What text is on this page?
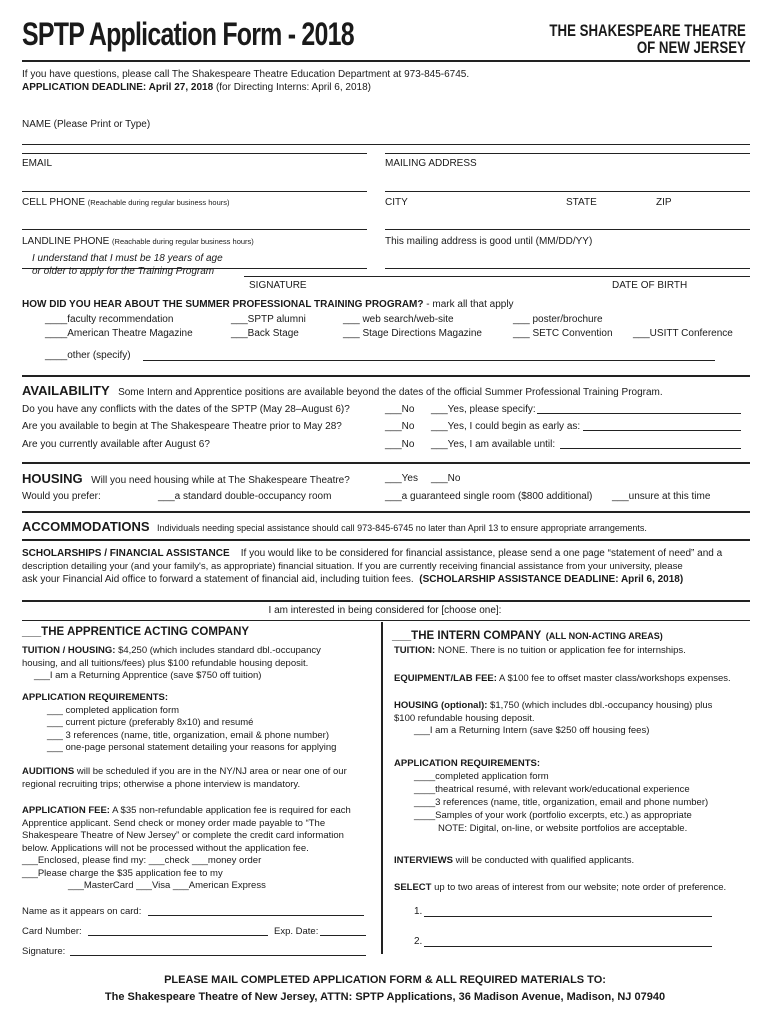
SPTP Application Form - 2018	THE SHAKESPEARE THEATRE
OF NEW JERSEY
If you have questions, please call The Shakespeare Theatre Education Department at 973-845-6745.
APPLICATION DEADLINE: April 27, 2018 (for Directing Interns: April 6, 2018)
NAME (Please Print or Type)
EMAIL	MAILING ADDRESS
CELL PHONE (Reachable during regular business hours)	CITY	STATE	ZIP
LANDLINE PHONE (Reachable during regular business hours)	This mailing address is good until (MM/DD/YY)
I understand that I must be 18 years of age
or older to apply for the Training Program
SIGNATURE	DATE OF BIRTH
HOW DID YOU HEAR ABOUT THE SUMMER PROFESSIONAL TRAINING PROGRAM? - mark all that apply
____faculty recommendation	___SPTP alumni	___ web search/web-site	___ poster/brochure
____American Theatre Magazine	___Back Stage	___ Stage Directions Magazine	___ SETC Convention ___USITT Conference
____other (specify)
AVAILABILITY Some Intern and Apprentice positions are available beyond the dates of the official Summer Professional Training Program.
Do you have any conflicts with the dates of the SPTP (May 28–August 6)?	___No ___Yes, please specify:
Are you available to begin at The Shakespeare Theatre prior to May 28?	___No ___Yes, I could begin as early as:
Are you currently available after August 6?	___No ___Yes, I am available until:
HOUSING Will you need housing while at The Shakespeare Theatre?	___Yes ___No
Would you prefer:	___a standard double-occupancy room	___a guaranteed single room ($800 additional) ___unsure at this time
ACCOMMODATIONS Individuals needing special assistance should call 973-845-6745 no later than April 13 to ensure appropriate arrangements.
SCHOLARSHIPS / FINANCIAL ASSISTANCE If you would like to be considered for financial assistance, please send a one page “statement of need” and a
description detailing your (and your family's, as appropriate) financial situation. If you are currently receiving financial assistance from your university, please
ask your Financial Aid office to forward a statement of financial aid, including tuition fees. (SCHOLARSHIP ASSISTANCE DEADLINE: April 6, 2018)
I am interested in being considered for [choose one]:
___THE APPRENTICE ACTING COMPANY
TUITION / HOUSING: $4,250 (which includes standard dbl.-occupancy
housing, and all tuitions/fees) plus $100 refundable housing deposit.
___I am a Returning Apprentice (save $750 off tuition)
APPLICATION REQUIREMENTS:
___ completed application form
___ current picture (preferably 8x10) and resumé
___ 3 references (name, title, organization, email & phone number)
___ one-page personal statement detailing your reasons for applying
AUDITIONS will be scheduled if you are in the NY/NJ area or near one of our
regional recruiting trips; otherwise a phone interview is mandatory.
APPLICATION FEE: A $35 non-refundable application fee is required for each
Apprentice applicant. Send check or money order made payable to “The
Shakespeare Theatre of New Jersey” or complete the credit card information
below. Applications will not be processed without the application fee.
___Enclosed, please find my: ___check ___money order
___Please charge the $35 application fee to my
___MasterCard ___Visa ___American Express
Name as it appears on card:
Card Number:	Exp. Date:
Signature:
___THE INTERN COMPANY (ALL NON-ACTING AREAS)
TUITION: NONE. There is no tuition or application fee for internships.
EQUIPMENT/LAB FEE: A $100 fee to offset master class/workshops expenses.
HOUSING (optional): $1,750 (which includes dbl.-occupancy housing) plus
$100 refundable housing deposit.
___I am a Returning Intern (save $250 off housing fees)
APPLICATION REQUIREMENTS:
____completed application form
____theatrical resumé, with relevant work/educational experience
____3 references (name, title, organization, email and phone number)
____Samples of your work (portfolio excerpts, etc.) as appropriate
NOTE: Digital, on-line, or website portfolios are acceptable.
INTERVIEWS will be conducted with qualified applicants.
SELECT up to two areas of interest from our website; note order of preference.
1.
2.
PLEASE MAIL COMPLETED APPLICATION FORM & ALL REQUIRED MATERIALS TO:
The Shakespeare Theatre of New Jersey, ATTN: SPTP Applications, 36 Madison Avenue, Madison, NJ 07940
